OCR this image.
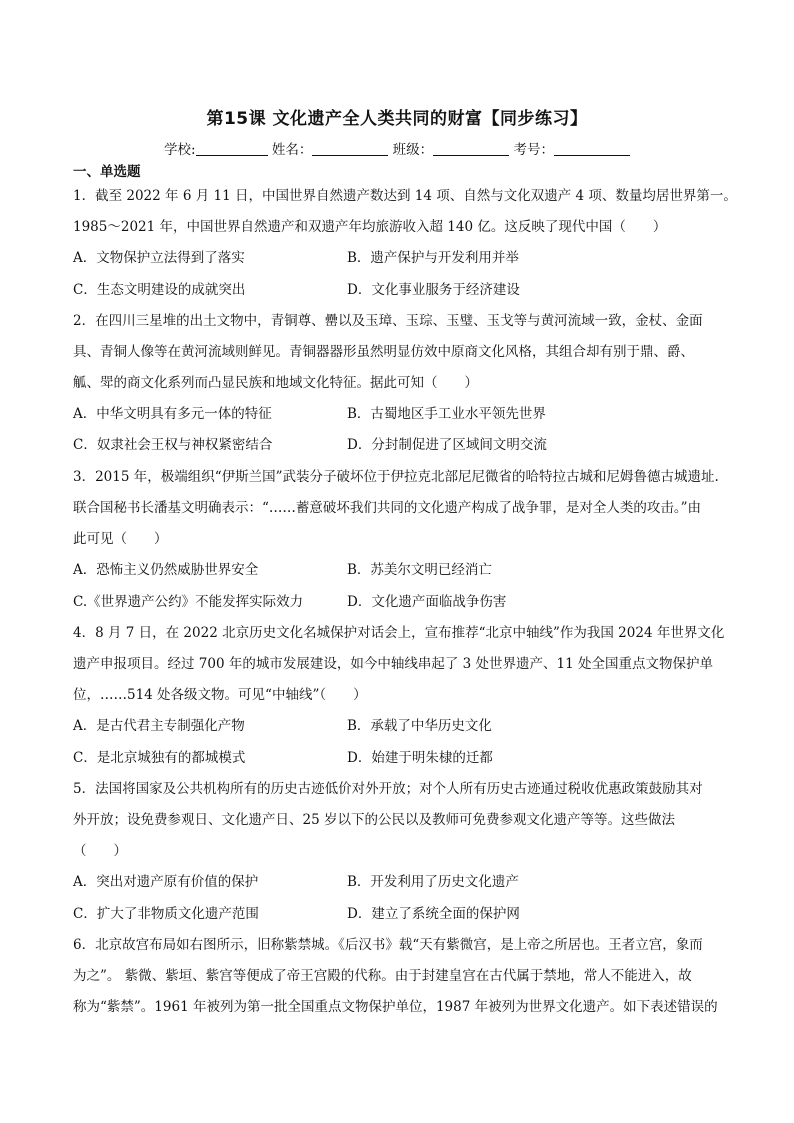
第15课 文化遗产全人类共同的财富【同步练习】
学校:	姓名：	班级：	考号：
一、单选题
1．截至 2022 年 6 月 11 日，中国世界自然遗产数达到 14 项、自然与文化双遗产 4 项、数量均居世界第一。
1985～2021 年，中国世界自然遗产和双遗产年均旅游收入超 140 亿。这反映了现代中国（　　）
A．文物保护立法得到了落实	B．遗产保护与开发利用并举
C．生态文明建设的成就突出	D．文化事业服务于经济建设
2．在四川三星堆的出土文物中，青铜尊、罍以及玉璋、玉琮、玉璧、玉戈等与黄河流域一致，金杖、金面
具、青铜人像等在黄河流域则鲜见。青铜器器形虽然明显仿效中原商文化风格，其组合却有别于鼎、爵、
觚、斝的商文化系列而凸显民族和地域文化特征。据此可知（　　）
A．中华文明具有多元一体的特征	B．古蜀地区手工业水平领先世界
C．奴隶社会王权与神权紧密结合	D．分封制促进了区域间文明交流
3．2015 年，极端组织“伊斯兰国”武装分子破坏位于伊拉克北部尼尼微省的哈特拉古城和尼姆鲁德古城遗址.
联合国秘书长潘基文明确表示：“……蓄意破坏我们共同的文化遗产构成了战争罪，是对全人类的攻击。”由
此可见（　　）
A．恐怖主义仍然威胁世界安全	B．苏美尔文明已经消亡
C.《世界遗产公约》不能发挥实际效力	D．文化遗产面临战争伤害
4．8 月 7 日，在 2022 北京历史文化名城保护对话会上，宣布推荐“北京中轴线”作为我国 2024 年世界文化
遗产申报项目。经过 700 年的城市发展建设，如今中轴线串起了 3 处世界遗产、11 处全国重点文物保护单
位，……514 处各级文物。可见“中轴线”（　　）
A．是古代君主专制强化产物	B．承载了中华历史文化
C．是北京城独有的都城模式	D．始建于明朱棣的迁都
5．法国将国家及公共机构所有的历史古迹低价对外开放；对个人所有历史古迹通过税收优惠政策鼓励其对
外开放；设免费参观日、文化遗产日、25 岁以下的公民以及教师可免费参观文化遗产等等。这些做法
（　　）
A．突出对遗产原有价值的保护	B．开发利用了历史文化遗产
C．扩大了非物质文化遗产范围	D．建立了系统全面的保护网
6．北京故宫布局如右图所示，旧称紫禁城。《后汉书》载“天有紫微宫，是上帝之所居也。王者立宫，象而
为之”。 紫微、紫垣、紫宫等便成了帝王宫殿的代称。由于封建皇宫在古代属于禁地，常人不能进入，故
称为“紫禁”。1961 年被列为第一批全国重点文物保护单位，1987 年被列为世界文化遗产。如下表述错误的
